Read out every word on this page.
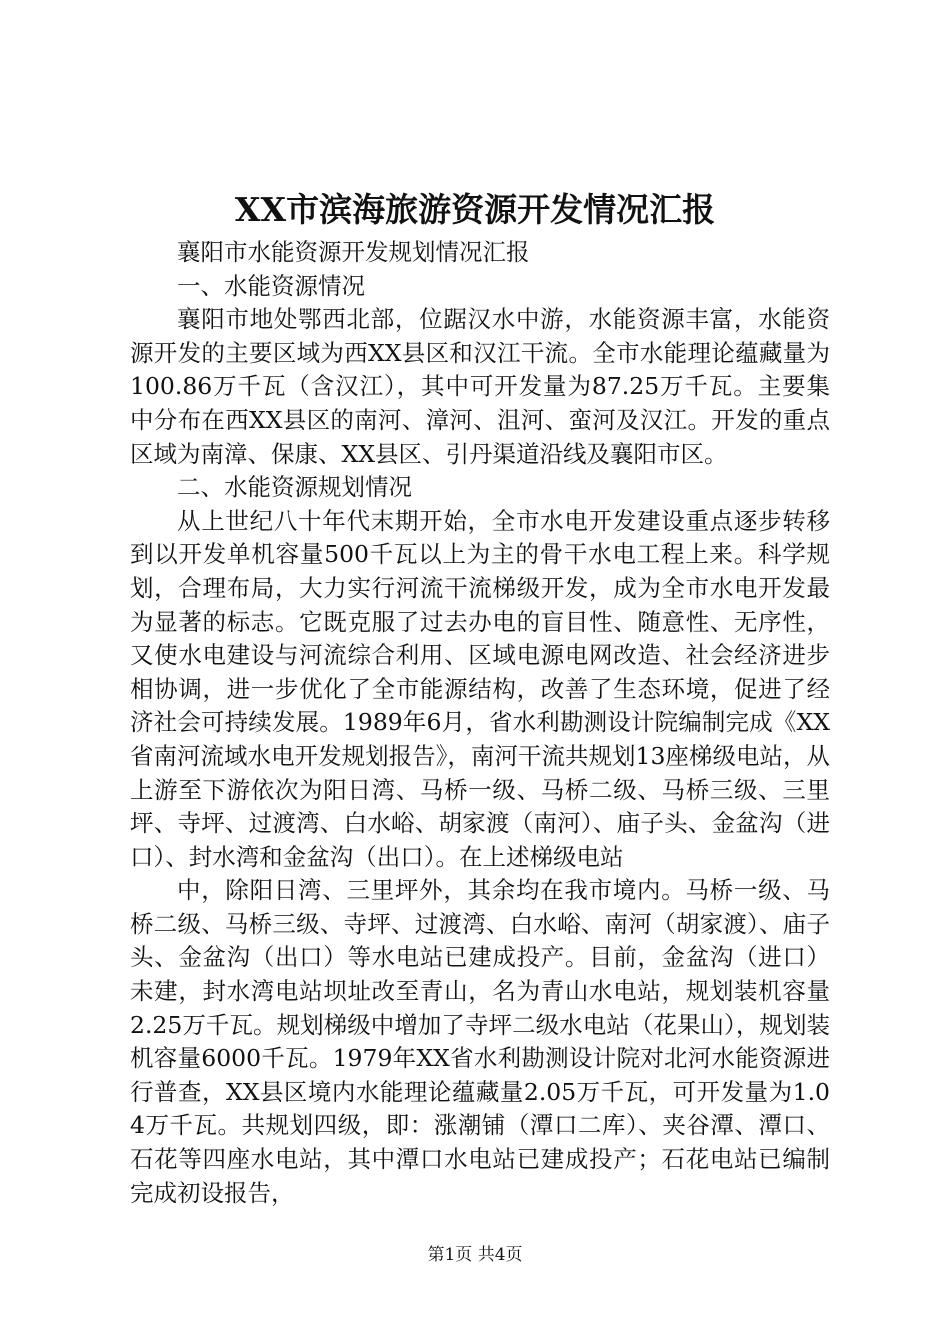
XX市滨海旅游资源开发情况汇报

襄阳市水能资源开发规划情况汇报

一、水能资源情况

襄阳市地处鄂西北部，位踞汉水中游，水能资源丰富，水能资源开发的主要区域为西XX县区和汉江干流。全市水能理论蕴藏量为100.86万千瓦（含汉江），其中可开发量为87.25万千瓦。主要集中分布在西XX县区的南河、漳河、沮河、蛮河及汉江。开发的重点区域为南漳、保康、XX县区、引丹渠道沿线及襄阳市区。

二、水能资源规划情况

从上世纪八十年代末期开始，全市水电开发建设重点逐步转移到以开发单机容量500千瓦以上为主的骨干水电工程上来。科学规划，合理布局，大力实行河流干流梯级开发，成为全市水电开发最为显著的标志。它既克服了过去办电的盲目性、随意性、无序性，又使水电建设与河流综合利用、区域电源电网改造、社会经济进步相协调，进一步优化了全市能源结构，改善了生态环境，促进了经济社会可持续发展。1989年6月，省水利勘测设计院编制完成《XX省南河流域水电开发规划报告》，南河干流共规划13座梯级电站，从上游至下游依次为阳日湾、马桥一级、马桥二级、马桥三级、三里坪、寺坪、过渡湾、白水峪、胡家渡（南河）、庙子头、金盆沟（进口）、封水湾和金盆沟（出口）。在上述梯级电站

中，除阳日湾、三里坪外，其余均在我市境内。马桥一级、马桥二级、马桥三级、寺坪、过渡湾、白水峪、南河（胡家渡）、庙子头、金盆沟（出口）等水电站已建成投产。目前，金盆沟（进口）未建，封水湾电站坝址改至青山，名为青山水电站，规划装机容量2.25万千瓦。规划梯级中增加了寺坪二级水电站（花果山），规划装机容量6000千瓦。1979年XX省水利勘测设计院对北河水能资源进行普查，XX县区境内水能理论蕴藏量2.05万千瓦，可开发量为1.04万千瓦。共规划四级，即：涨潮铺（潭口二库）、夹谷潭、潭口、石花等四座水电站，其中潭口水电站已建成投产；石花电站已编制完成初设报告，

第1页 共4页
